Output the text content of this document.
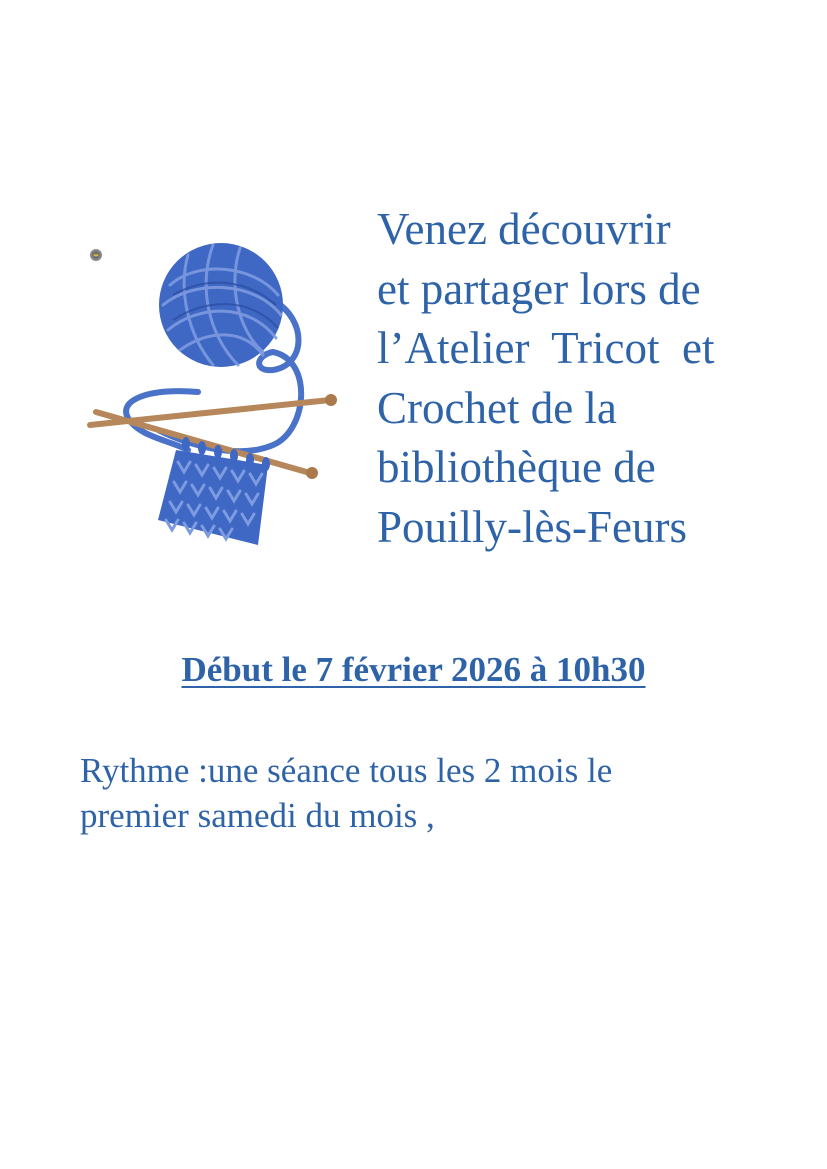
Venez découvrir
et partager lors de
l’Atelier  Tricot  et
Crochet de la
bibliothèque de
Pouilly-lès-Feurs
Début le 7 février 2026 à 10h30
Rythme :une séance tous les 2 mois le
premier samedi du mois ,
